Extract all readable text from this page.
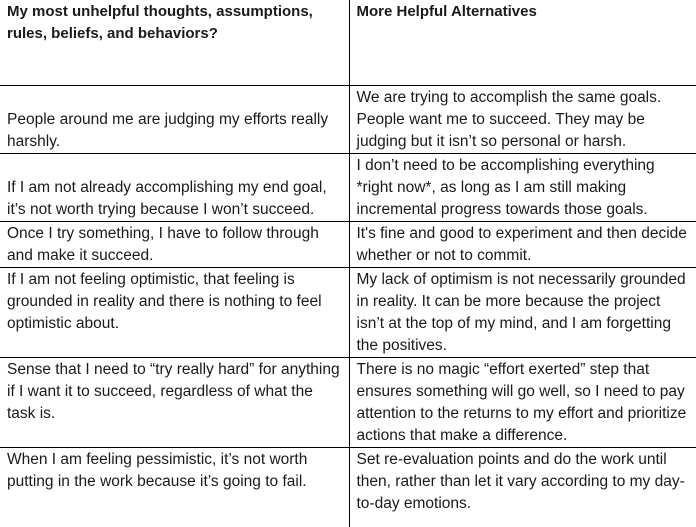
My most unhelpful thoughts, assumptions, rules, beliefs, and behaviors?	More Helpful Alternatives
People around me are judging my efforts really harshly.	We are trying to accomplish the same goals. People want me to succeed. They may be judging but it isn’t so personal or harsh.
If I am not already accomplishing my end goal, it’s not worth trying because I won’t succeed.	I don’t need to be accomplishing everything *right now*, as long as I am still making incremental progress towards those goals.
Once I try something, I have to follow through and make it succeed.	It's fine and good to experiment and then decide whether or not to commit.
If I am not feeling optimistic, that feeling is grounded in reality and there is nothing to feel optimistic about.	My lack of optimism is not necessarily grounded in reality. It can be more because the project isn’t at the top of my mind, and I am forgetting the positives.
Sense that I need to “try really hard” for anything if I want it to succeed, regardless of what the task is.	There is no magic “effort exerted” step that ensures something will go well, so I need to pay attention to the returns to my effort and prioritize actions that make a difference.
When I am feeling pessimistic, it’s not worth putting in the work because it’s going to fail.	Set re-evaluation points and do the work until then, rather than let it vary according to my day-to-day emotions.
